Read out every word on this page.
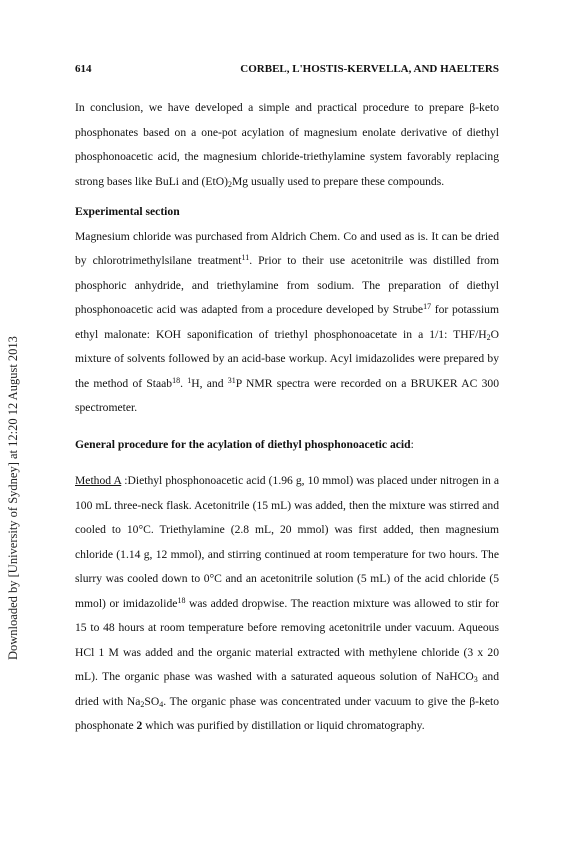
Downloaded by [University of Sydney] at 12:20 12 August 2013
614	CORBEL, L'HOSTIS-KERVELLA, AND HAELTERS

In conclusion, we have developed a simple and practical procedure to prepare β-keto phosphonates based on a one-pot acylation of magnesium enolate derivative of diethyl phosphonoacetic acid, the magnesium chloride-triethylamine system favorably replacing strong bases like BuLi and $(EtO)_2Mg$ usually used to prepare these compounds.

Experimental section

Magnesium chloride was purchased from Aldrich Chem. Co and used as is. It can be dried by chlorotrimethylsilane treatment$^{11}$. Prior to their use acetonitrile was distilled from phosphoric anhydride, and triethylamine from sodium. The preparation of diethyl phosphonoacetic acid was adapted from a procedure developed by Strube$^{17}$ for potassium ethyl malonate: KOH saponification of triethyl phosphonoacetate in a 1/1: THF/$H_2O$ mixture of solvents followed by an acid-base workup. Acyl imidazolides were prepared by the method of Staab$^{18}$. $^1$H, and $^{31}$P NMR spectra were recorded on a BRUKER AC 300 spectrometer.

General procedure for the acylation of diethyl phosphonoacetic acid:

Method A :Diethyl phosphonoacetic acid (1.96 g, 10 mmol) was placed under nitrogen in a 100 mL three-neck flask. Acetonitrile (15 mL) was added, then the mixture was stirred and cooled to 10°C. Triethylamine (2.8 mL, 20 mmol) was first added, then magnesium chloride (1.14 g, 12 mmol), and stirring continued at room temperature for two hours. The slurry was cooled down to 0°C and an acetonitrile solution (5 mL) of the acid chloride (5 mmol) or imidazolide$^{18}$ was added dropwise. The reaction mixture was allowed to stir for 15 to 48 hours at room temperature before removing acetonitrile under vacuum. Aqueous HCl 1 M was added and the organic material extracted with methylene chloride (3 x 20 mL). The organic phase was washed with a saturated aqueous solution of NaHCO$_3$ and dried with $Na_2SO_4$. The organic phase was concentrated under vacuum to give the β-keto phosphonate 2 which was purified by distillation or liquid chromatography.
